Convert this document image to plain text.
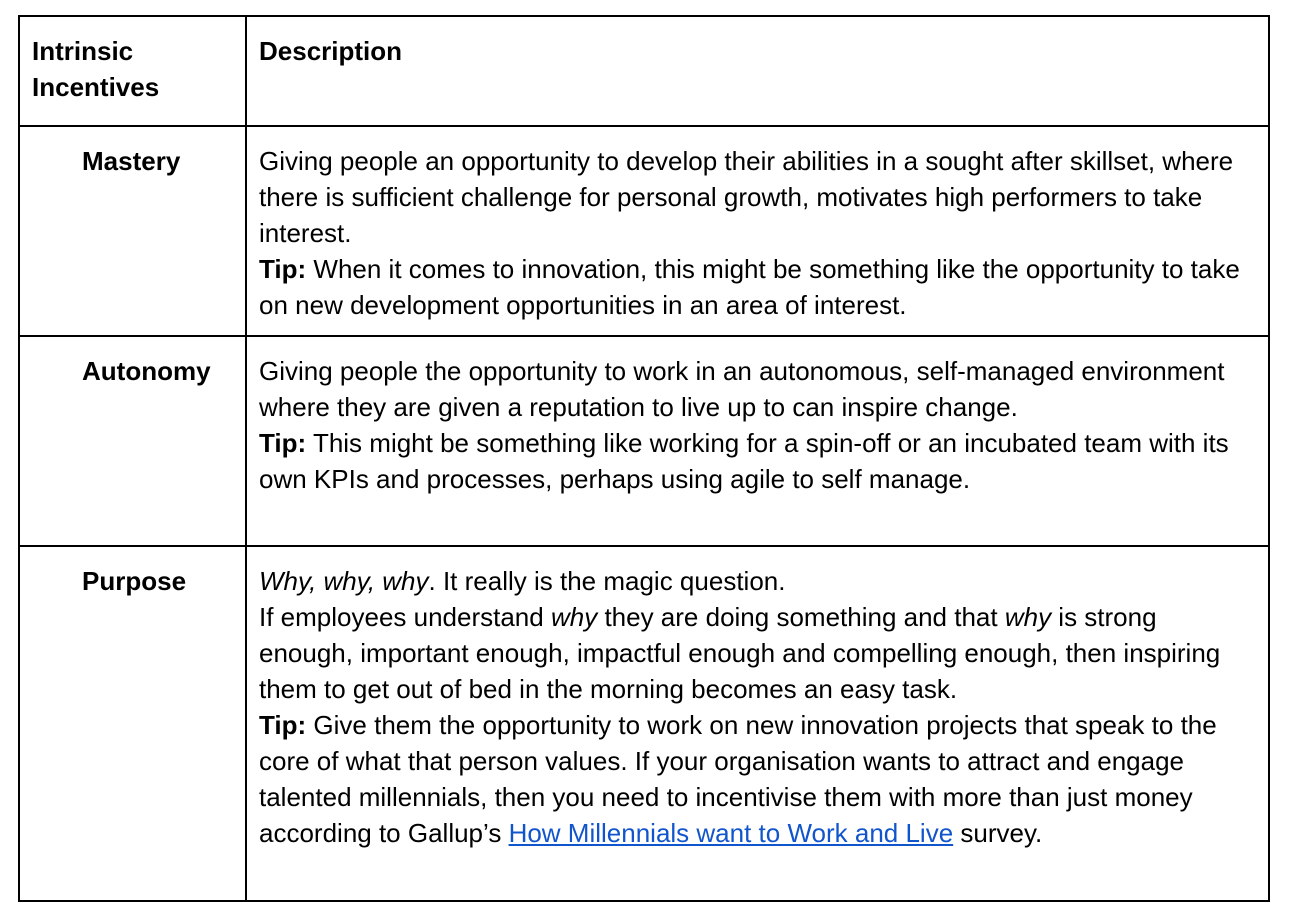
Intrinsic Incentives	Description
Mastery	Giving people an opportunity to develop their abilities in a sought after skillset, where there is sufficient challenge for personal growth, motivates high performers to take interest.
Tip: When it comes to innovation, this might be something like the opportunity to take on new development opportunities in an area of interest.

Autonomy	Giving people the opportunity to work in an autonomous, self-managed environment where they are given a reputation to live up to can inspire change.
Tip: This might be something like working for a spin-off or an incubated team with its own KPIs and processes, perhaps using agile to self manage.

Purpose	Why, why, why. It really is the magic question.
If employees understand why they are doing something and that why is strong enough, important enough, impactful enough and compelling enough, then inspiring them to get out of bed in the morning becomes an easy task.
Tip: Give them the opportunity to work on new innovation projects that speak to the core of what that person values. If your organisation wants to attract and engage talented millennials, then you need to incentivise them with more than just money according to Gallup’s How Millennials want to Work and Live survey.
